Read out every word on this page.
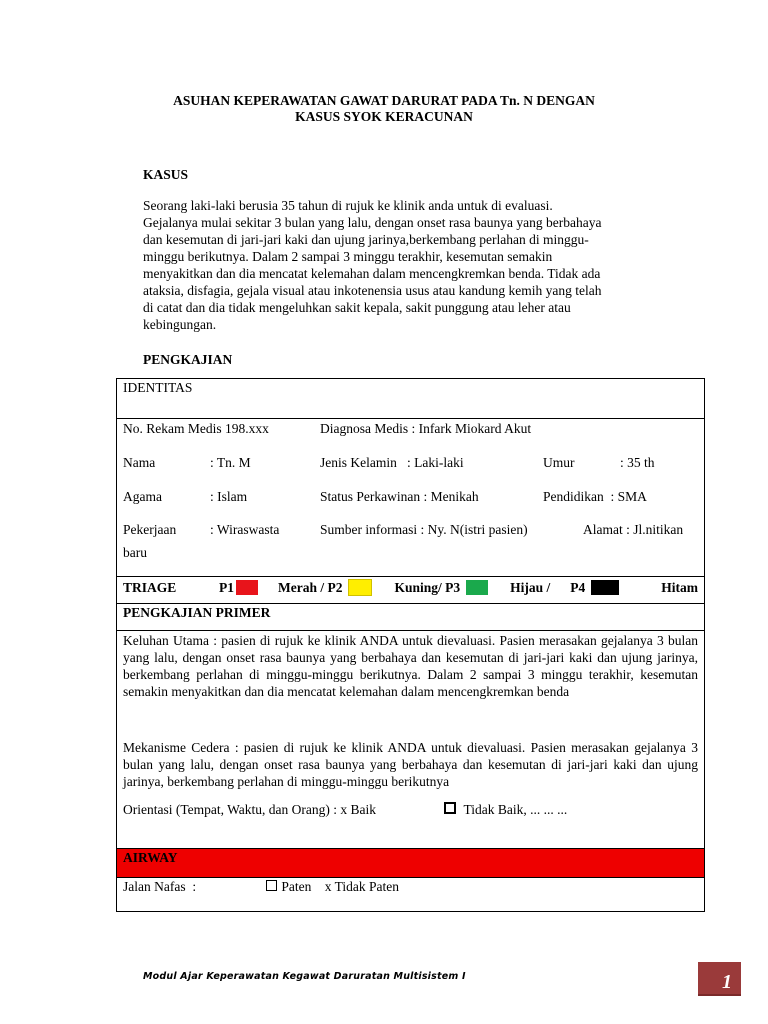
ASUHAN KEPERAWATAN GAWAT DARURAT PADA Tn. N DENGAN
KASUS SYOK KERACUNAN
KASUS
Seorang laki-laki berusia 35 tahun di rujuk ke klinik anda untuk di evaluasi.
Gejalanya mulai sekitar 3 bulan yang lalu, dengan onset rasa baunya yang berbahaya
dan kesemutan di jari-jari kaki dan ujung jarinya,berkembang perlahan di minggu-
minggu berikutnya. Dalam 2 sampai 3 minggu terakhir, kesemutan semakin
menyakitkan dan dia mencatat kelemahan dalam mencengkremkan benda. Tidak ada
ataksia, disfagia, gejala visual atau inkotenensia usus atau kandung kemih yang telah
di catat dan dia tidak mengeluhkan sakit kepala, sakit punggung atau leher atau
kebingungan.
PENGKAJIAN
IDENTITAS

No. Rekam Medis 198.xxx	Diagnosa Medis : Infark Miokard Akut
Nama	: Tn. M	Jenis Kelamin   : Laki-laki	Umur	: 35 th
Agama	: Islam	Status Perkawinan : Menikah	Pendidikan  : SMA
Pekerjaan	: Wiraswasta	Sumber informasi : Ny. N(istri pasien)	Alamat : Jl.nitikan
baru

TRIAGE	P1	Merah / P2	Kuning/ P3	Hijau / P4	Hitam

PENGKAJIAN PRIMER

Keluhan Utama : pasien di rujuk ke klinik ANDA untuk dievaluasi. Pasien merasakan gejalanya 3 bulan yang lalu, dengan onset rasa baunya yang berbahaya dan kesemutan di jari-jari kaki dan ujung jarinya, berkembang perlahan di minggu-minggu berikutnya. Dalam 2 sampai 3 minggu terakhir, kesemutan semakin menyakitkan dan dia mencatat kelemahan dalam mencengkremkan benda
Mekanisme Cedera : pasien di rujuk ke klinik ANDA untuk dievaluasi. Pasien merasakan gejalanya 3 bulan yang lalu, dengan onset rasa baunya yang berbahaya dan kesemutan di jari-jari kaki dan ujung jarinya, berkembang perlahan di minggu-minggu berikutnya
Orientasi (Tempat, Waktu, dan Orang) : x Baik	Tidak Baik, ... ... ...

AIRWAY
Jalan Nafas  :	Paten x Tidak Paten
Modul Ajar Keperawatan Kegawat Daruratan Multisistem I	1
